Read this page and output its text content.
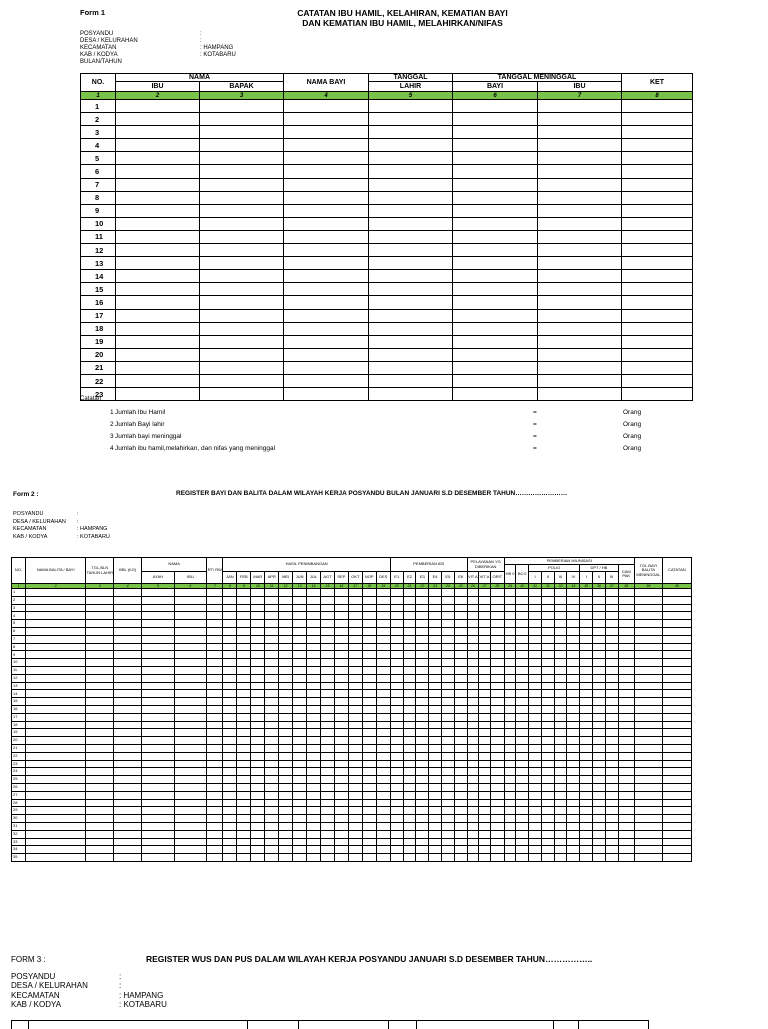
Form 1	CATATAN IBU HAMIL, KELAHIRAN, KEMATIAN BAYI
DAN KEMATIAN IBU HAMIL, MELAHIRKAN/NIFAS
POSYANDU	:
DESA / KELURAHAN	:
KECAMATAN	: HAMPANG
KAB / KODYA	: KOTABARU
BULAN/TAHUN
NO.	NAMA		NAMA BAYI	TANGGAL	TANGGAL MENINGGAL		KET
	IBU	BAPAK		LAHIR	BAYI	IBU	
1	2	3	4	5	6	7	8
1							
2							
3							
4							
5							
6							
7							
8							
9							
10							
11							
12							
13							
14							
15							
16							
17							
18							
19							
20							
21							
22							
23							
Catatan
1 Jumlah Ibu Hamil	=	Orang
2 Jumlah Bayi lahir	=	Orang
3 Jumlah bayi meninggal	=	Orang
4 Jumlah ibu hamil,melahirkan, dan nifas yang meninggal	=	Orang
Form 2 :	REGISTER BAYI DAN BALITA DALAM WILAYAH KERJA POSYANDU BULAN JANUARI S.D DESEMBER TAHUN……………………
POSYANDU	:
DESA / KELURAHAN	:
KECAMATAN	: HAMPANG
KAB / KODYA	: KOTABARU
NO.	NAMA BALITA / BAYI	TGL,BLN TAHUN LAHIR	BBL (KG)	NAMA		RT/ RW	HASIL PENIMBANGAN												PEMBERIAN ASI						PELAYANAN YG DIBERIKAN			PEMBERIAN IMUNISASI										TGL BAYI BALITA MENINGGAL	CATATAN
																												HB 0	BCG	POLIO				DPT / HB			CAM PAK		
				AYAH	IBU		JAN	FEB	MAR	APR	MEI	JUN	JUL	AGT	SEP	OKT	NOP	DES	E1	E2	E3	E4	E5	E6	VIT A	VIT A	ORIT			I	II	III	IV	I	II	III			
1	2	3	4	5	6	7	8	9	10	11	12	13	14	15	16	17	18	19	20	21	22	23	24	25	26	27	28	29	30	31	32	33	34	35	36	37	38	39	40
1																																							
2																																							
3																																							
4																																							
5																																							
6																																							
7																																							
8																																							
9																																							
10																																							
11																																							
12																																							
13																																							
14																																							
15																																							
16																																							
17																																							
18																																							
19																																							
20																																							
21																																							
22																																							
23																																							
24																																							
25																																							
26																																							
27																																							
28																																							
29																																							
30																																							
31																																							
32																																							
33																																							
34																																							
35																																							
FORM 3 :	REGISTER WUS DAN PUS DALAM WILAYAH KERJA POSYANDU JANUARI S.D DESEMBER TAHUN……………..
POSYANDU	:
DESA / KELURAHAN	:
KECAMATAN	: HAMPANG
KAB / KODYA	: KOTABARU
